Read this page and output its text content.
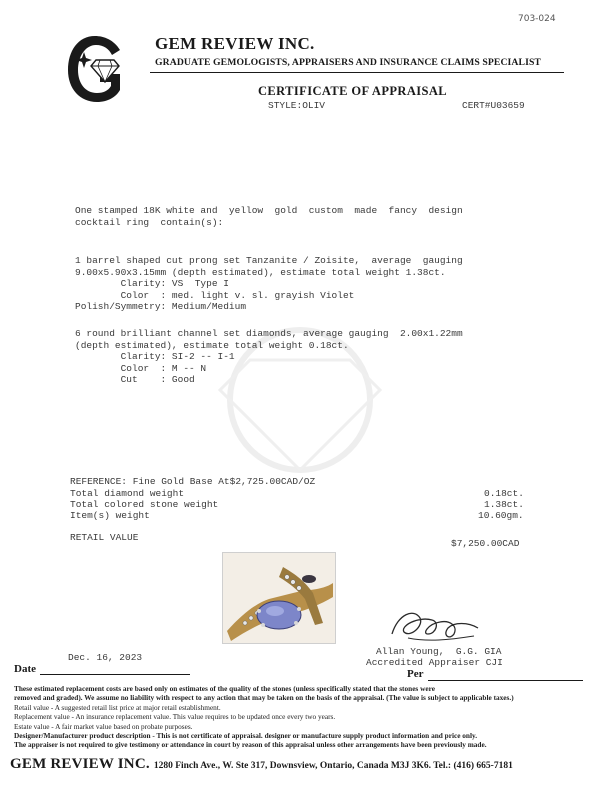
703-024
GEM REVIEW INC.
GRADUATE GEMOLOGISTS, APPRAISERS AND INSURANCE CLAIMS SPECIALIST
CERTIFICATE OF APPRAISAL
STYLE:OLIV	CERT#U03659
One stamped 18K white and  yellow  gold  custom  made  fancy  design
cocktail ring  contain(s):
1 barrel shaped cut prong set Tanzanite / Zoisite,  average  gauging
9.00x5.90x3.15mm (depth estimated), estimate total weight 1.38ct.
Clarity: VS  Type I
Color  : med. light v. sl. grayish Violet
Polish/Symmetry: Medium/Medium
6 round brilliant channel set diamonds, average gauging  2.00x1.22mm
(depth estimated), estimate total weight 0.18ct.
Clarity: SI-2 -- I-1
Color  : M -- N
Cut    : Good
REFERENCE: Fine Gold Base At$2,725.00CAD/OZ
Total diamond weight	0.18ct.
Total colored stone weight	1.38ct.
Item(s) weight	10.60gm.
RETAIL VALUE
$7,250.00CAD
Dec. 16, 2023
Allan Young,  G.G. GIA
Accredited Appraiser CJI
Date	Per
These estimated replacement costs are based only on estimates of the quality of the stones (unless specifically stated that the stones were
removed and graded). We assume no liability with respect to any action that may be taken on the basis of the appraisal. (The value is subject to applicable taxes.)
Retail value - A suggested retail list price at major retail establishment.
Replacement value - An insurance replacement value. This value requires to be updated once every two years.
Estate value - A fair market value based on probate purposes.
Designer/Manufacturer product description - This is not certificate of appraisal. designer or manufacture supply product information and price only.
The appraiser is not required to give testimony or attendance in court by reason of this appraisal unless other arrangements have been previously made.
GEM REVIEW INC. 1280 Finch Ave., W. Ste 317, Downsview, Ontario, Canada M3J 3K6. Tel.: (416) 665-7181
